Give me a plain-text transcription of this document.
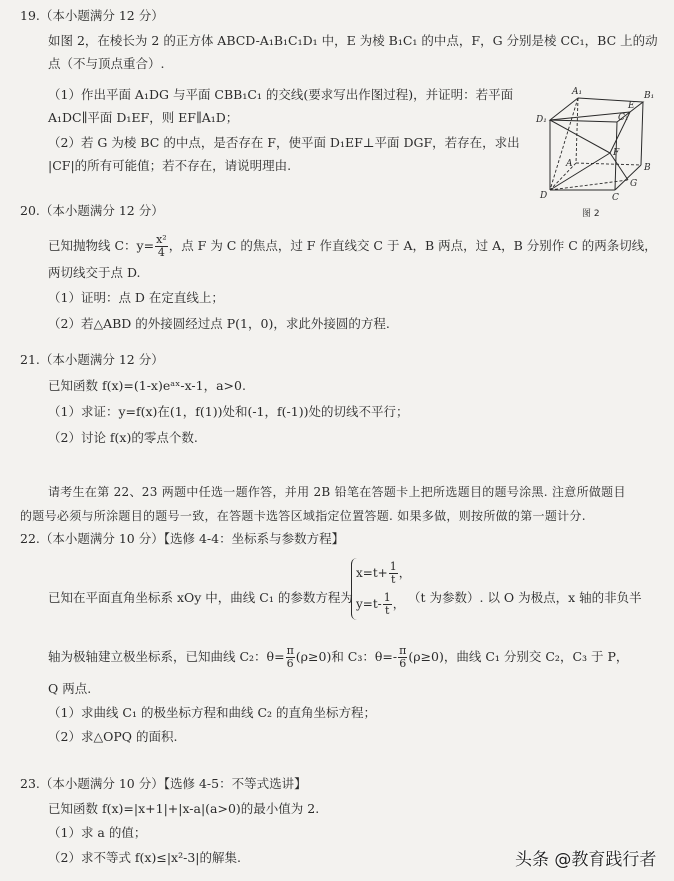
19.（本小题满分 12 分）
如图 2，在棱长为 2 的正方体 ABCD-A₁B₁C₁D₁ 中，E 为棱 B₁C₁ 的中点，F，G 分别是棱 CC₁，BC 上的动
点（不与顶点重合）.
（1）作出平面 A₁DG 与平面 CBB₁C₁ 的交线(要求写出作图过程)，并证明：若平面
A₁DC∥平面 D₁EF，则 EF∥A₁D；
（2）若 G 为棱 BC 的中点，是否存在 F，使平面 D₁EF⊥平面 DGF，若存在，求出
|CF|的所有可能值；若不存在，请说明理由.
A₁	B₁
D₁	C₁
E
F
A	B
D	C
G
图 2
20.（本小题满分 12 分）
已知抛物线 C：$y= \frac{\text{x²}}{4}$ ，点 F 为 C 的焦点，过 F 作直线交 C 于 A，B 两点，过 A，B 分别作 C 的两条切线，
两切线交于点 D.
（1）证明：点 D 在定直线上；
（2）若△ABD 的外接圆经过点 P(1，0)，求此外接圆的方程.
21.（本小题满分 12 分）
已知函数 f(x)=(1-x)eᵃˣ-x-1，a>0.
（1）求证：y=f(x)在(1，f(1))处和(-1，f(-1))处的切线不平行；
（2）讨论 f(x)的零点个数.
请考生在第 22、23 两题中任选一题作答，并用 2B 铅笔在答题卡上把所选题目的题号涂黑. 注意所做题目
的题号必须与所涂题目的题号一致，在答题卡选答区域指定位置答题. 如果多做，则按所做的第一题计分.
22.（本小题满分 10 分）【选修 4-4：坐标系与参数方程】
已知在平面直角坐标系 xOy 中，曲线 C₁ 的参数方程为
$x=t+ \frac{1}{t}$ ，
$y=t- \frac{1}{t}$ ， （t 为参数）. 以 O 为极点，x 轴的非负半
轴为极轴建立极坐标系，已知曲线 C₂：$\theta= \frac{\pi}{6} (\rho\ge 0)$和 C₃：$\theta=- \frac{\pi}{6} (\rho\ge 0)$，曲线 C₁ 分别交 C₂，C₃ 于 P，
Q 两点.
（1）求曲线 C₁ 的极坐标方程和曲线 C₂ 的直角坐标方程；
（2）求△OPQ 的面积.
23.（本小题满分 10 分）【选修 4-5：不等式选讲】
已知函数 f(x)=|x+1|+|x-a|(a>0)的最小值为 2.
（1）求 a 的值；
（2）求不等式 f(x)≤|x²-3|的解集.	头条 @教育践行者
